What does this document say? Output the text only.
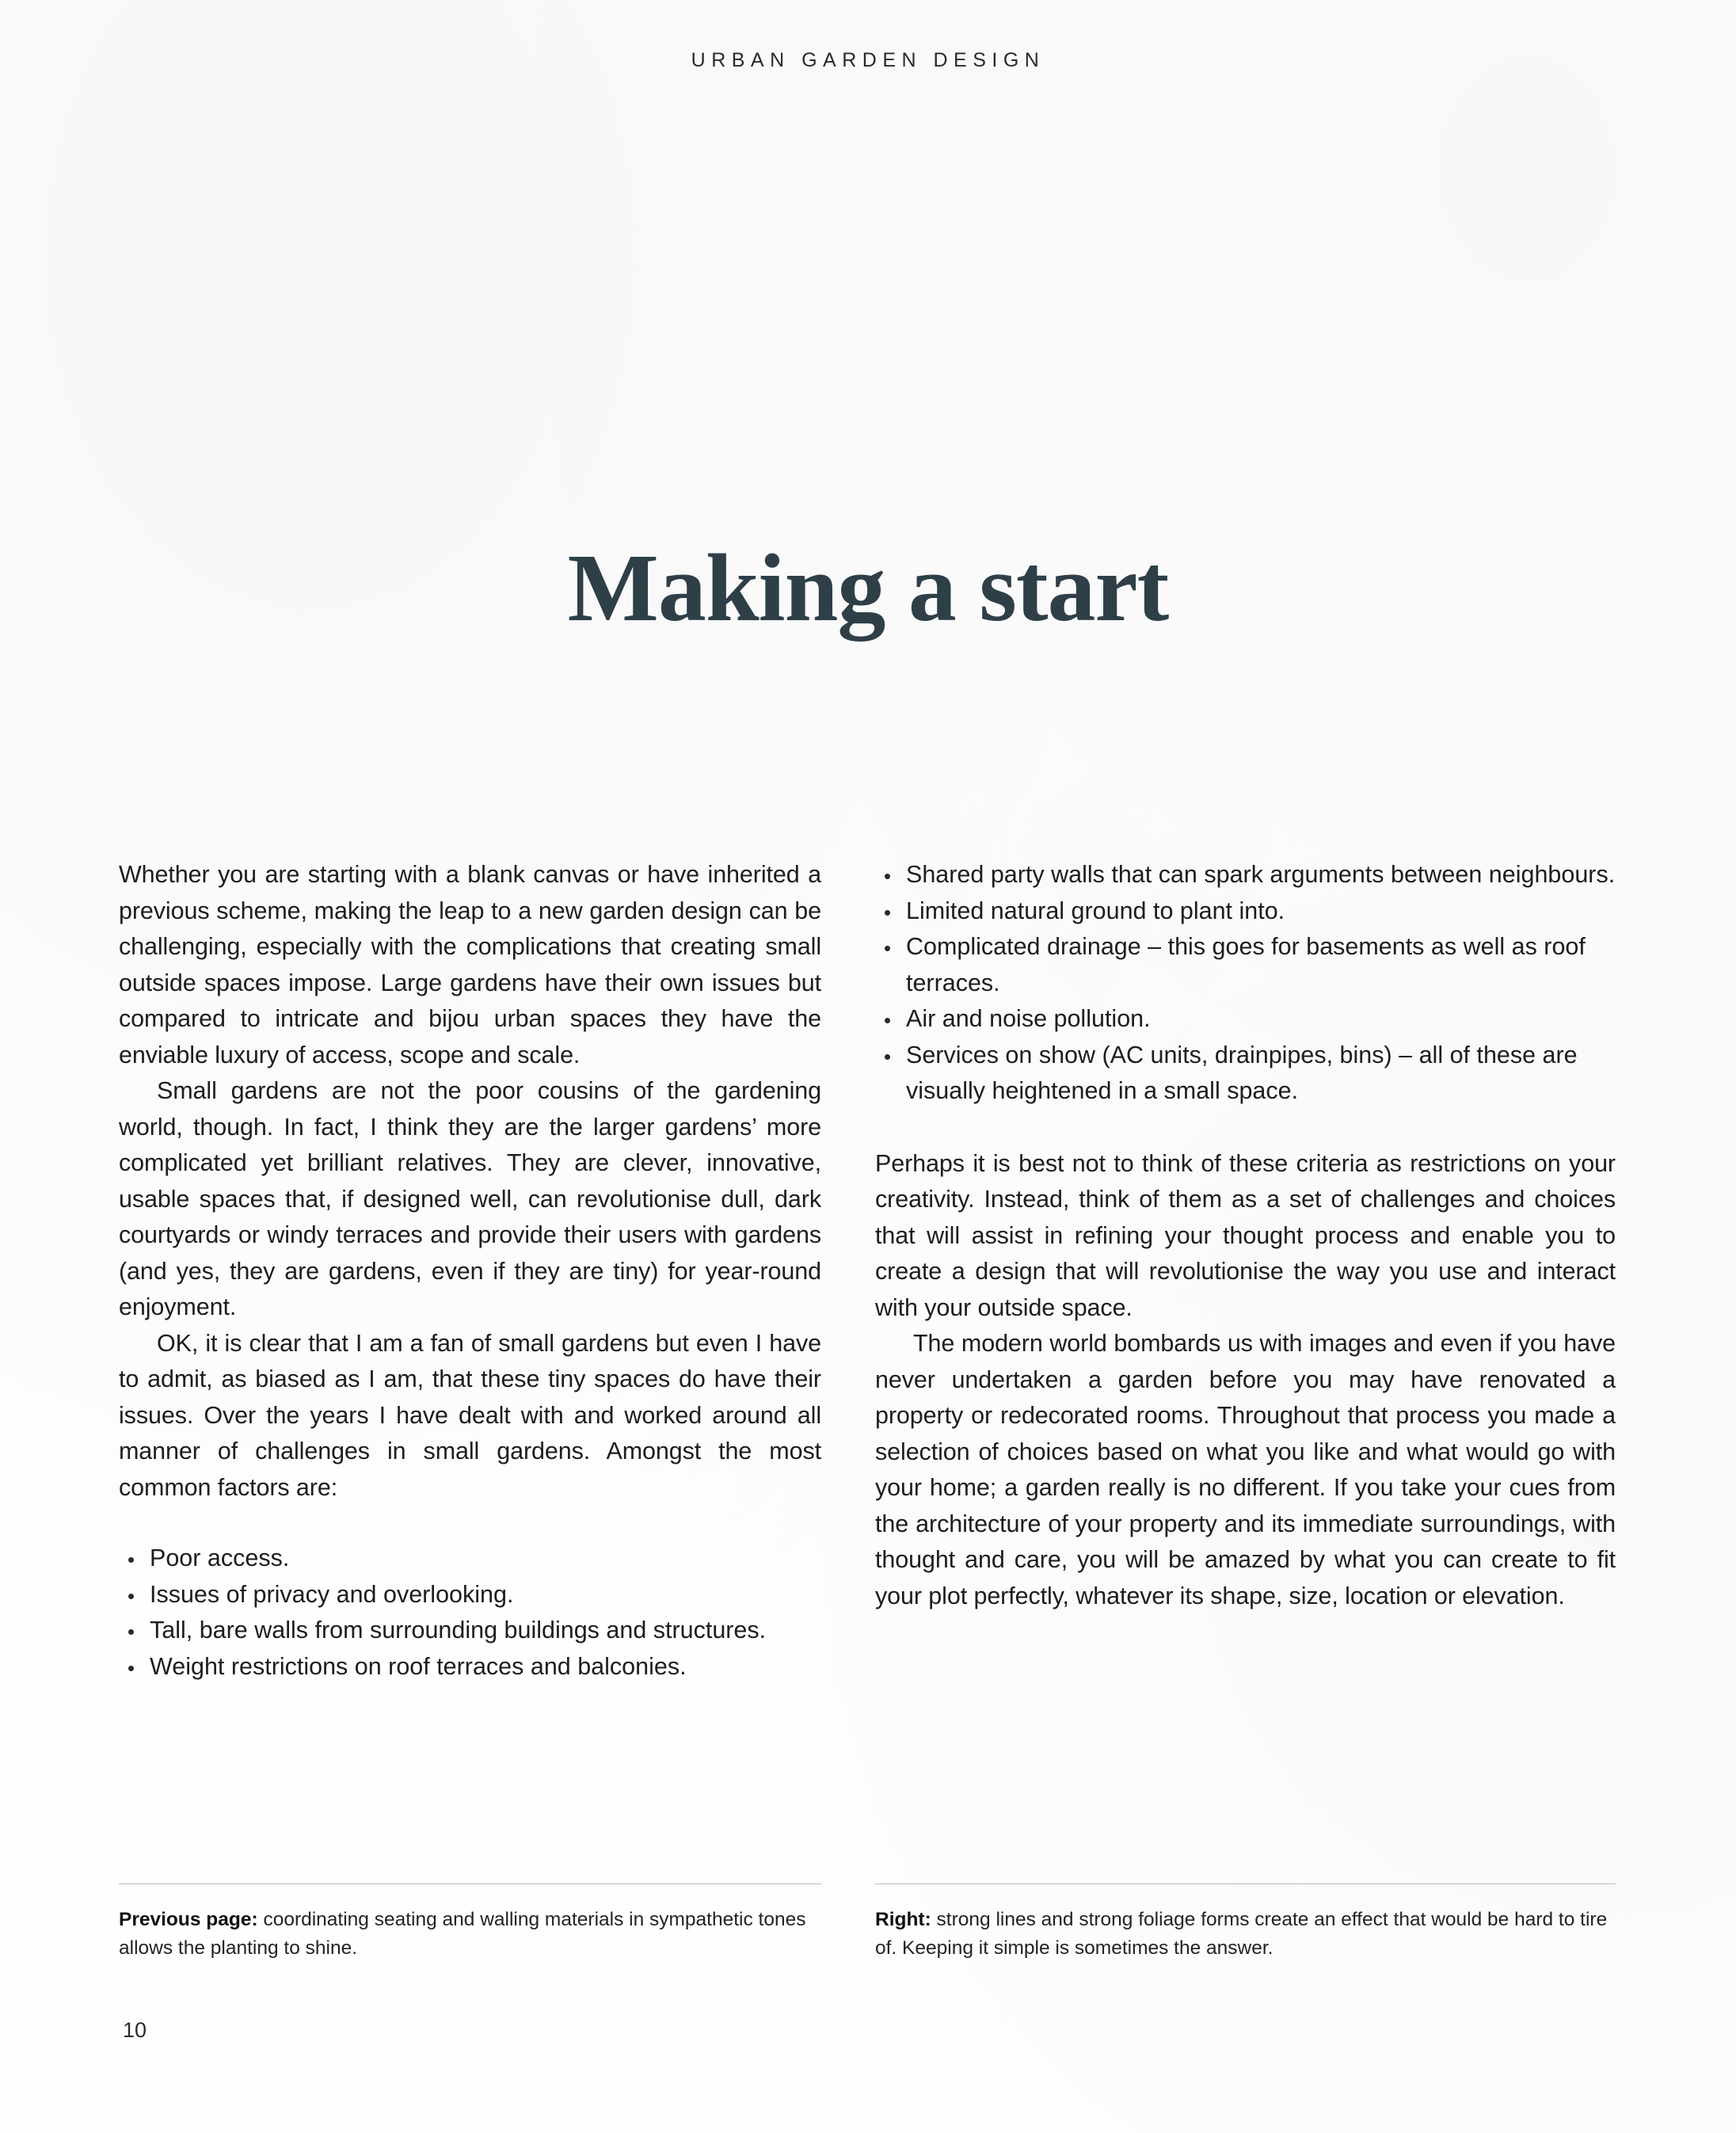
URBAN GARDEN DESIGN
Making a start

Whether you are starting with a blank canvas or have inherited a previous scheme, making the leap to a new garden design can be challenging, especially with the complications that creating small outside spaces impose. Large gardens have their own issues but compared to intricate and bijou urban spaces they have the enviable luxury of access, scope and scale.

Small gardens are not the poor cousins of the gardening world, though. In fact, I think they are the larger gardens’ more complicated yet brilliant relatives. They are clever, innovative, usable spaces that, if designed well, can revolutionise dull, dark courtyards or windy terraces and provide their users with gardens (and yes, they are gardens, even if they are tiny) for year-round enjoyment.

OK, it is clear that I am a fan of small gardens but even I have to admit, as biased as I am, that these tiny spaces do have their issues. Over the years I have dealt with and worked around all manner of challenges in small gardens. Amongst the most common factors are:

Poor access.
Issues of privacy and overlooking.
Tall, bare walls from surrounding buildings and structures.
Weight restrictions on roof terraces and balconies.
Shared party walls that can spark arguments between neighbours.
Limited natural ground to plant into.
Complicated drainage – this goes for basements as well as roof terraces.
Air and noise pollution.
Services on show (AC units, drainpipes, bins) – all of these are visually heightened in a small space.

Perhaps it is best not to think of these criteria as restrictions on your creativity. Instead, think of them as a set of challenges and choices that will assist in refining your thought process and enable you to create a design that will revolutionise the way you use and interact with your outside space.

The modern world bombards us with images and even if you have never undertaken a garden before you may have renovated a property or redecorated rooms. Throughout that process you made a selection of choices based on what you like and what would go with your home; a garden really is no different. If you take your cues from the architecture of your property and its immediate surroundings, with thought and care, you will be amazed by what you can create to fit your plot perfectly, whatever its shape, size, location or elevation.

Previous page: coordinating seating and walling materials in sympathetic tones allows the planting to shine.
Right: strong lines and strong foliage forms create an effect that would be hard to tire of. Keeping it simple is sometimes the answer.
10
